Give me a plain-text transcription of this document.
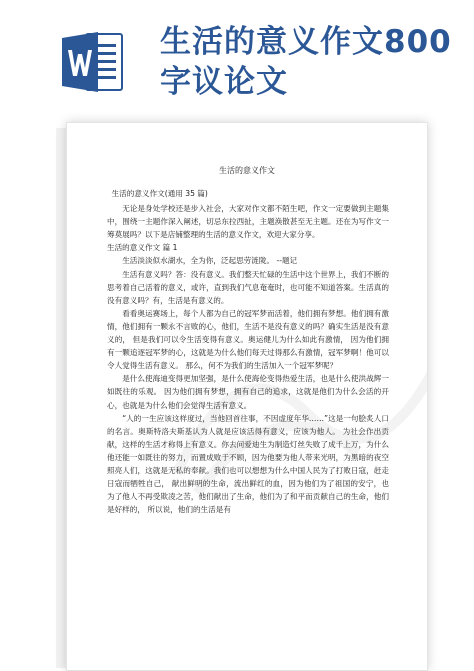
生活的意义作文800字议论文
生活的意义作文

生活的意义作文(通用 35 篇)

无论是身处学校还是步入社会，大家对作文都不陌生吧，作文一定要做到主题集中，围绕一主题作深入阐述，切忌东拉西扯，主题涣散甚至无主题。还在为写作文一筹莫展吗？以下是店铺整理的生活的意义作文，欢迎大家分享。

生活的意义作文 篇 1

生活淡淡似水湖水，全为你，泛起思劳涟陇。 --题记

生活有意义吗？答：没有意义。我们整天忙碌的生活中这个世界上，我们不断的思考着自己活着的意义，或许，直到我们气息奄奄时，也可能不知道答案。生活真的没有意义吗？有，生活是有意义的。

看看奥运赛场上，每个人都为自己的冠军梦而活着，他们拥有梦想。他们拥有激情，他们拥有一颗永不言败的心，他们，生活不是没有意义的吗？确实生活是没有意义的， 但是我们可以令生活变得有意义。奥运健儿为什么如此有激情， 因为他们拥有一颗追逐冠军梦的心，这就是为什么他们每天过得那么有激情，冠军梦啊！他可以令人觉得生活有意义。 那么，何不为我们的生活加入一个冠军梦呢？

是什么使海迪变得更加坚强，是什么使海伦变得热爱生活，也是什么使洪战辉一如既往的乐观。 因为他们拥有梦想，拥有自己的追求，这就是他们为什么会活的开心，也就是为什么他们会觉得生活有意义。

“人的一生应该这样度过，当他回首往事，不因虚度年华……”这是一句脍炙人口的名言。奥斯特洛夫斯基认为人就是应该活得有意义，应该为他人。 为社会作出贡献，这样的生活才称得上有意义。你去问爱迪生为制造灯丝失败了成千上万，为什么他还能一如既往的努力，而置成败于不顾，因为他要为他人带来光明，为黑暗的夜空照亮人们，这就是无私的奉献。我们也可以想想为什么中国人民为了打败日寇，赶走日寇而牺牲自己， 献出鲜明的生命，流出鲜红的血，因为他们为了祖国的安宁，也为了他人不再受欺凌之苦，他们献出了生命，他们为了和平而贡献自己的生命，他们是好样的， 所以说，他们的生活是有
